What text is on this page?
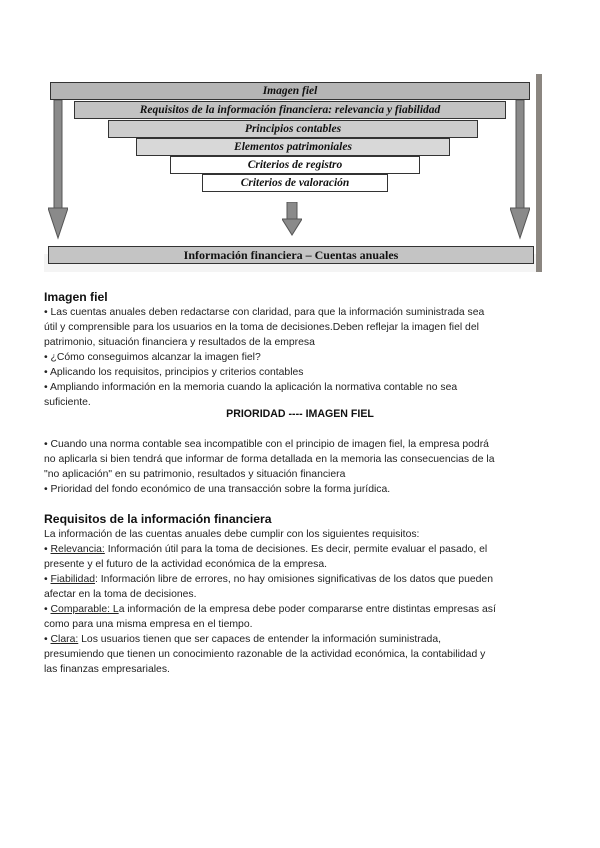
Imagen fiel
Requisitos de la información financiera: relevancia y fiabilidad
Principios contables
Elementos patrimoniales
Criterios de registro
Criterios de valoración
Información financiera – Cuentas anuales
Imagen fiel
• Las cuentas anuales deben redactarse con claridad, para que la información suministrada sea
útil y comprensible para los usuarios en la toma de decisiones.Deben reflejar la imagen fiel del
patrimonio, situación financiera y resultados de la empresa
• ¿Cómo conseguimos alcanzar la imagen fiel?
• Aplicando los requisitos, principios y criterios contables
• Ampliando información en la memoria cuando la aplicación la normativa contable no sea
suficiente.
PRIORIDAD ---- IMAGEN FIEL
• Cuando una norma contable sea incompatible con el principio de imagen fiel, la empresa podrá
no aplicarla si bien tendrá que informar de forma detallada en la memoria las consecuencias de la
"no aplicación" en su patrimonio, resultados y situación financiera
• Prioridad del fondo económico de una transacción sobre la forma jurídica.
Requisitos de la información financiera
La información de las cuentas anuales debe cumplir con los siguientes requisitos:
• Relevancia: Información útil para la toma de decisiones. Es decir, permite evaluar el pasado, el
presente y el futuro de la actividad económica de la empresa.
• Fiabilidad: Información libre de errores, no hay omisiones significativas de los datos que pueden
afectar en la toma de decisiones.
• Comparable: La información de la empresa debe poder compararse entre distintas empresas así
como para una misma empresa en el tiempo.
• Clara: Los usuarios tienen que ser capaces de entender la información suministrada,
presumiendo que tienen un conocimiento razonable de la actividad económica, la contabilidad y
las finanzas empresariales.
